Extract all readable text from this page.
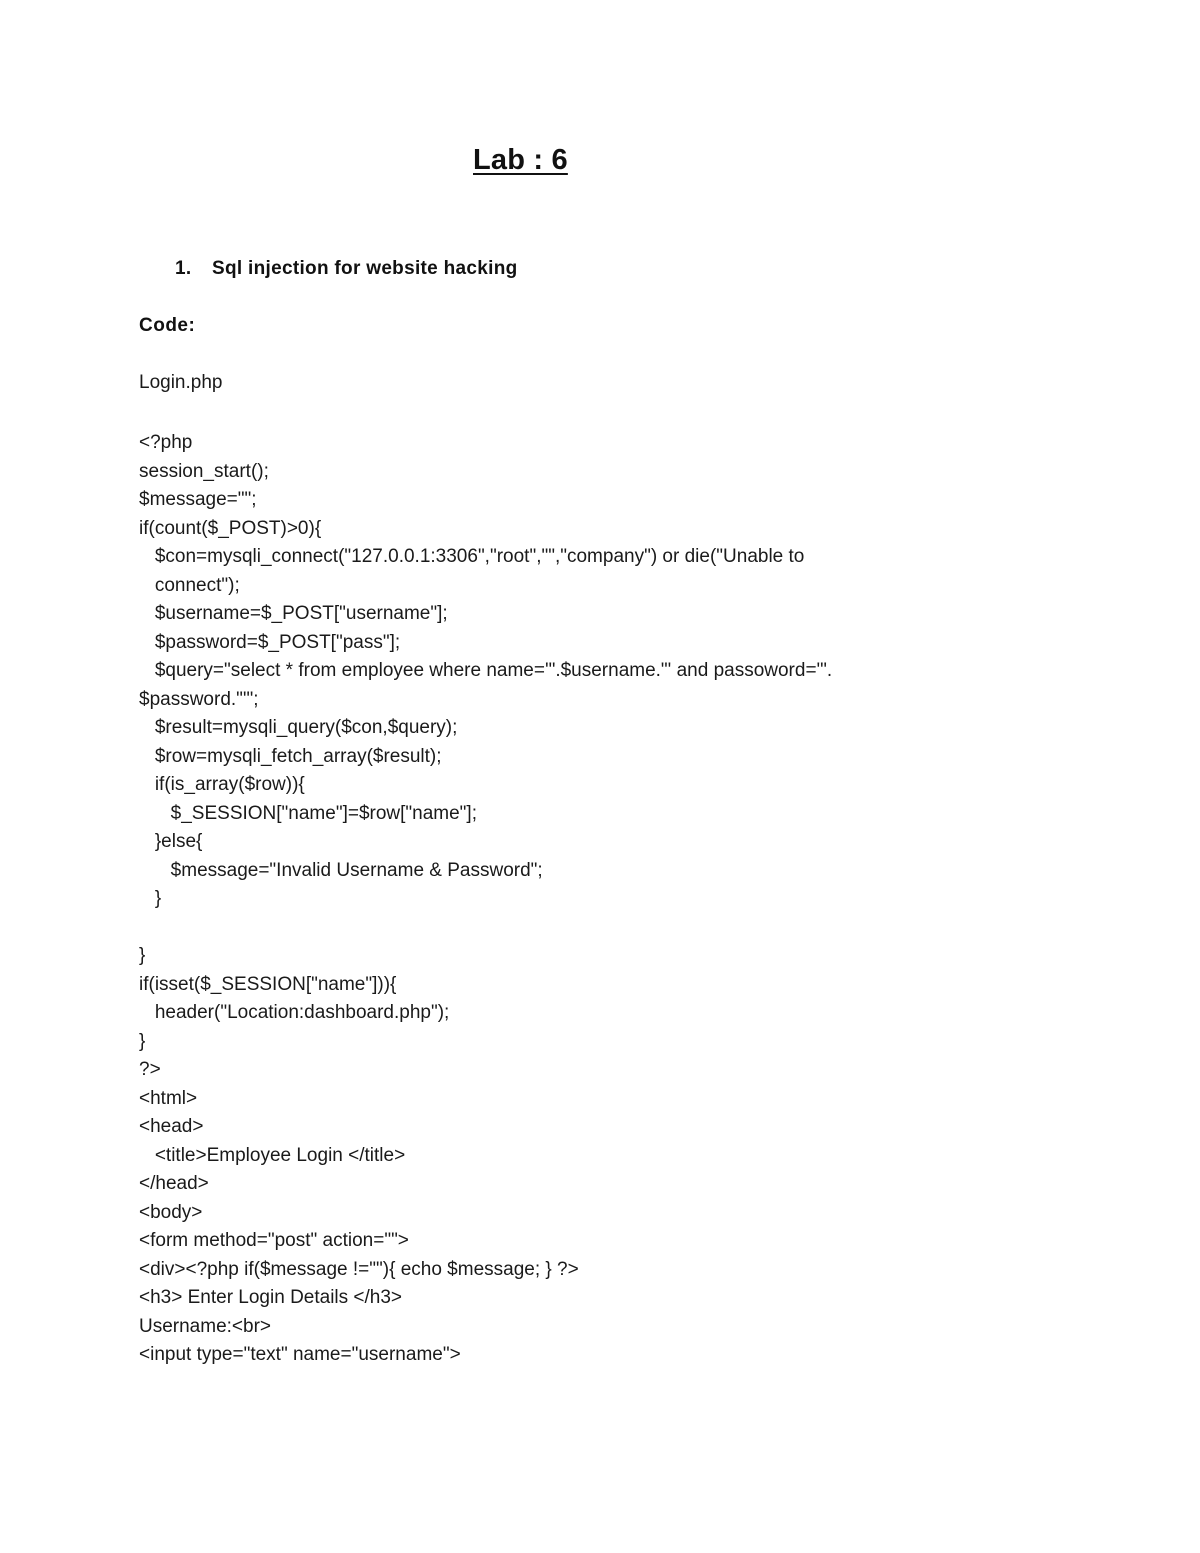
Lab : 6
1. Sql injection for website hacking
Code:
Login.php
<?php
session_start();
$message="";
if(count($_POST)>0){
$con=mysqli_connect("127.0.0.1:3306","root","","company") or die("Unable to
connect");
$username=$_POST["username"];
$password=$_POST["pass"];
$query="select * from employee where name='".$username."' and passoword='".
$password."'";
$result=mysqli_query($con,$query);
$row=mysqli_fetch_array($result);
if(is_array($row)){
$_SESSION["name"]=$row["name"];
}else{
$message="Invalid Username & Password";
}
}
if(isset($_SESSION["name"])){
header("Location:dashboard.php");
}
?>
<html>
<head>
<title>Employee Login </title>
</head>
<body>
<form method="post" action="">
<div><?php if($message !=""){ echo $message; } ?>
<h3> Enter Login Details </h3>
Username:<br>
<input type="text" name="username">
